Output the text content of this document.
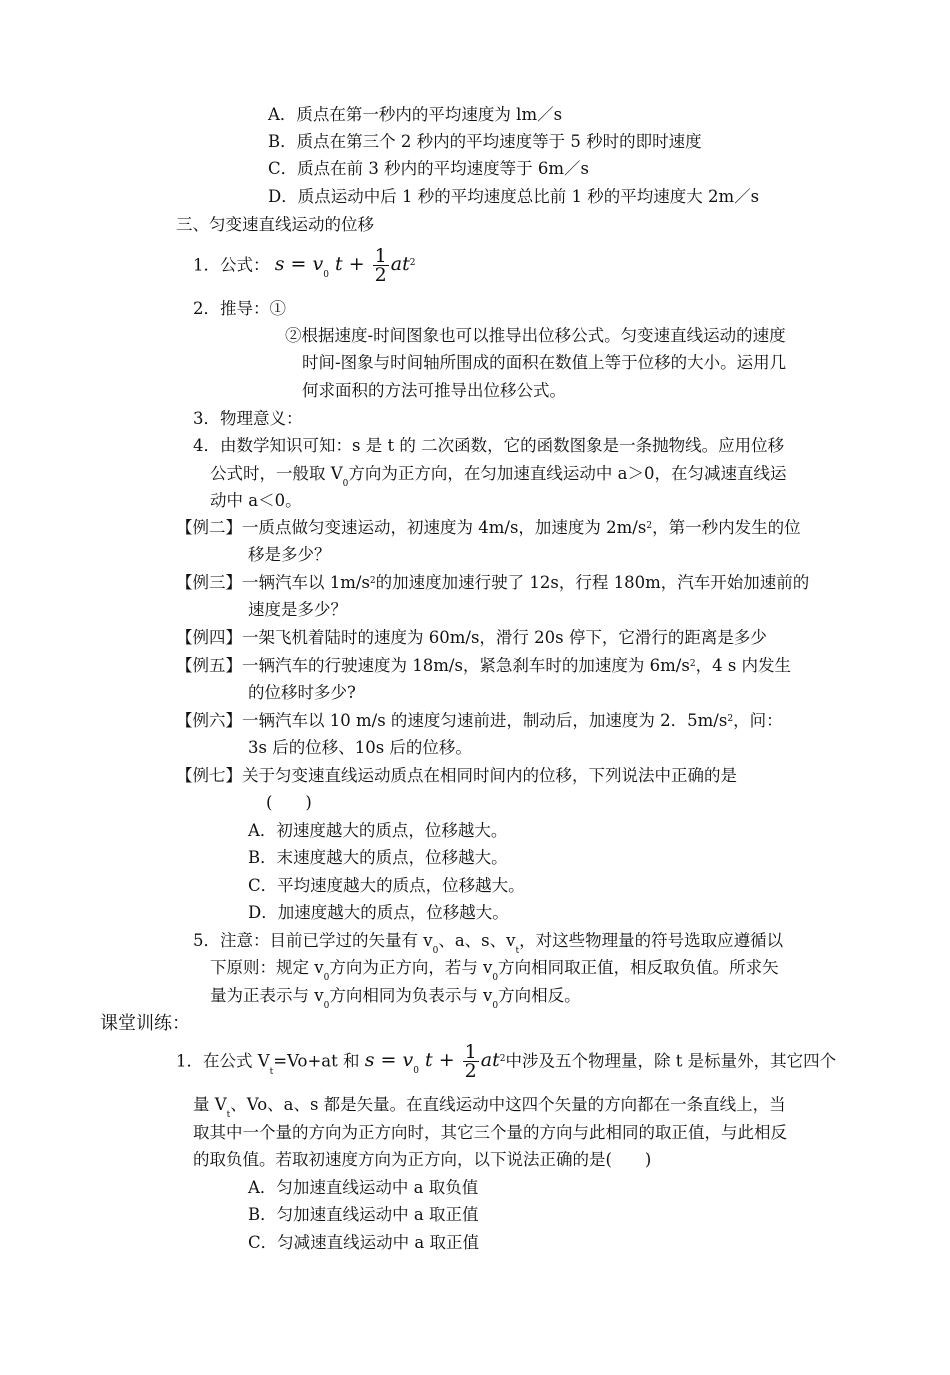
A．质点在第一秒内的平均速度为 lm／s
B．质点在第三个 2 秒内的平均速度等于 5 秒时的即时速度
C．质点在前 3 秒内的平均速度等于 6m／s
D．质点运动中后 1 秒的平均速度总比前 1 秒的平均速度大 2m／s
三、匀变速直线运动的位移
1．公式： $s = v_0$ $t + \frac{1}{2} at^2$
2．推导：①
②根据速度-时间图象也可以推导出位移公式。匀变速直线运动的速度
时间-图象与时间轴所围成的面积在数值上等于位移的大小。运用几
何求面积的方法可推导出位移公式。
3．物理意义：
4．由数学知识可知：s 是 t 的 二次函数，它的函数图象是一条抛物线。应用位移
公式时，一般取 $V_0$方向为正方向，在匀加速直线运动中 a＞0，在匀减速直线运
动中 a＜0。
【例二】一质点做匀变速运动，初速度为 4m/s，加速度为 $2m/s^2$，第一秒内发生的位
移是多少？
【例三】一辆汽车以 $1m/s^2$的加速度加速行驶了 12s，行程 180m，汽车开始加速前的
速度是多少？
【例四】一架飞机着陆时的速度为 60m/s，滑行 20s 停下，它滑行的距离是多少
【例五】一辆汽车的行驶速度为 18m/s，紧急刹车时的加速度为 $6m/s^2$，4 s 内发生
的位移时多少?
【例六】一辆汽车以 10 m/s 的速度匀速前进，制动后，加速度为 2．$5m/s^2$，问：
3s 后的位移、10s 后的位移。
【例七】关于匀变速直线运动质点在相同时间内的位移，下列说法中正确的是
(　　)
A．初速度越大的质点，位移越大。
B．末速度越大的质点，位移越大。
C．平均速度越大的质点，位移越大。
D．加速度越大的质点，位移越大。
5．注意：目前已学过的矢量有 $v_0$、a、s、$v_t$，对这些物理量的符号选取应遵循以
下原则：规定 $v_0$方向为正方向，若与 $v_0$方向相同取正值，相反取负值。所求矢
量为正表示与 $v_0$方向相同为负表示与 $v_0$方向相反。
课堂训练：
1．在公式 $V_t=Vo+at$ 和 $s = v_0$ $t + \frac{1}{2} at^2$中涉及五个物理量，除 t 是标量外，其它四个
量 $V_t$、Vo、a、s 都是矢量。在直线运动中这四个矢量的方向都在一条直线上，当
取其中一个量的方向为正方向时，其它三个量的方向与此相同的取正值，与此相反
的取负值。若取初速度方向为正方向，以下说法正确的是(　　)
A．匀加速直线运动中 a 取负值
B．匀加速直线运动中 a 取正值
C．匀减速直线运动中 a 取正值
